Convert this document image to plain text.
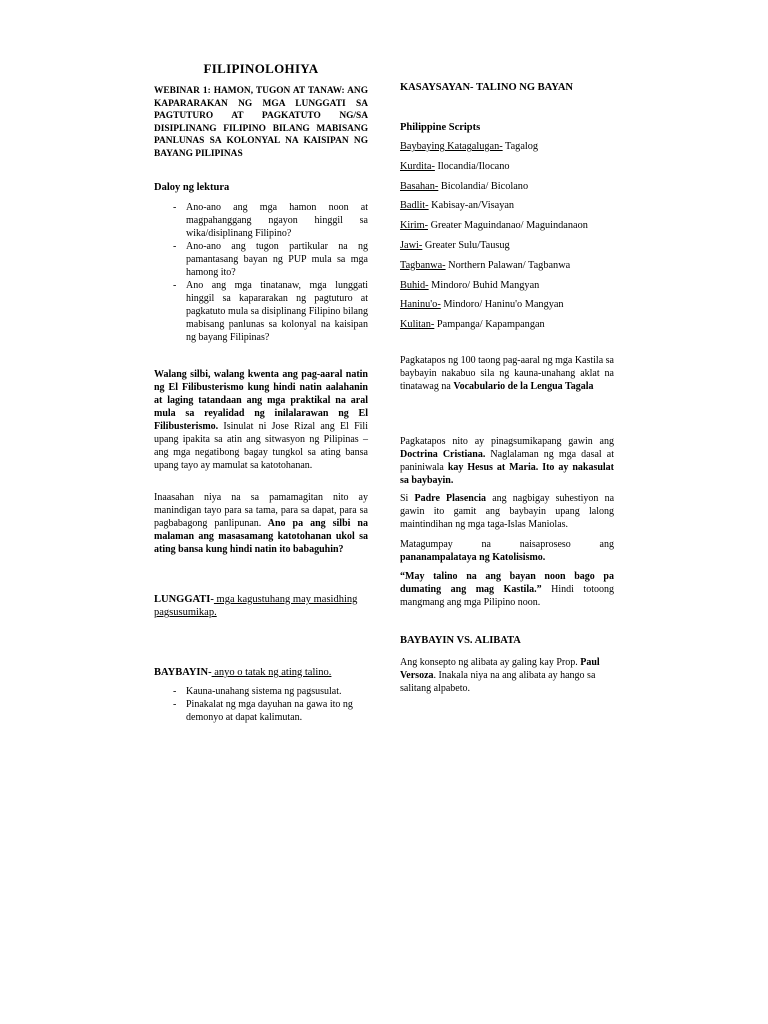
FILIPINOLOHIYA
WEBINAR 1: HAMON, TUGON AT TANAW: ANG KAPARARAKAN NG MGA LUNGGATI SA PAGTUTURO AT PAGKATUTO NG/SA DISIPLINANG FILIPINO BILANG MABISANG PANLUNAS SA KOLONYAL NA KAISIPAN NG BAYANG PILIPINAS
Daloy ng lektura
- Ano-ano ang mga hamon noon at magpahanggang ngayon hinggil sa wika/disiplinang Filipino?
- Ano-ano ang tugon partikular na ng pamantasang bayan ng PUP mula sa mga hamong ito?
- Ano ang mga tinatanaw, mga lunggati hinggil sa kapararakan ng pagtuturo at pagkatuto mula sa disiplinang Filipino bilang mabisang panlunas sa kolonyal na kaisipan ng bayang Filipinas?

Walang silbi, walang kwenta ang pag-aaral natin ng El Filibusterismo kung hindi natin aalahanin at laging tatandaan ang mga praktikal na aral mula sa reyalidad ng inilalarawan ng El Filibusterismo. Isinulat ni Jose Rizal ang El Fili upang ipakita sa atin ang sitwasyon ng Pilipinas – ang mga negatibong bagay tungkol sa ating bansa upang tayo ay mamulat sa katotohanan.

Inaasahan niya na sa pamamagitan nito ay manindigan tayo para sa tama, para sa dapat, para sa pagbabagong panlipunan. Ano pa ang silbi na malaman ang masasamang katotohanan ukol sa ating bansa kung hindi natin ito babaguhin?

LUNGGATI- mga kagustuhang may masidhing pagsusumikap.

BAYBAYIN- anyo o tatak ng ating talino.

- Kauna-unahang sistema ng pagsusulat.
- Pinakalat ng mga dayuhan na gawa ito ng demonyo at dapat kalimutan.
KASAYSAYAN- TALINO NG BAYAN
Philippine Scripts
Baybaying Katagalugan- Tagalog
Kurdita- Ilocandia/Ilocano
Basahan- Bicolandia/ Bicolano
Badlit- Kabisay-an/Visayan
Kirim- Greater Maguindanao/ Maguindanaon
Jawi- Greater Sulu/Tausug
Tagbanwa- Northern Palawan/ Tagbanwa
Buhid- Mindoro/ Buhid Mangyan
Haninu'o- Mindoro/ Haninu'o Mangyan
Kulitan- Pampanga/ Kapampangan

Pagkatapos ng 100 taong pag-aaral ng mga Kastila sa baybayin nakabuo sila ng kauna-unahang aklat na tinatawag na Vocabulario de la Lengua Tagala

Pagkatapos nito ay pinagsumikapang gawin ang Doctrina Cristiana. Naglalaman ng mga dasal at paniniwala kay Hesus at Maria. Ito ay nakasulat sa baybayin.

Si Padre Plasencia ang nagbigay suhestiyon na gawin ito gamit ang baybayin upang lalong maintindihan ng mga taga-Islas Maniolas.

Matagumpay na naisaproseso ang pananampalataya ng Katolisismo.

“May talino na ang bayan noon bago pa dumating ang mag Kastila.” Hindi totoong mangmang ang mga Pilipino noon.

BAYBAYIN VS. ALIBATA

Ang konsepto ng alibata ay galing kay Prop. Paul Versoza. Inakala niya na ang alibata ay hango sa salitang alpabeto.
